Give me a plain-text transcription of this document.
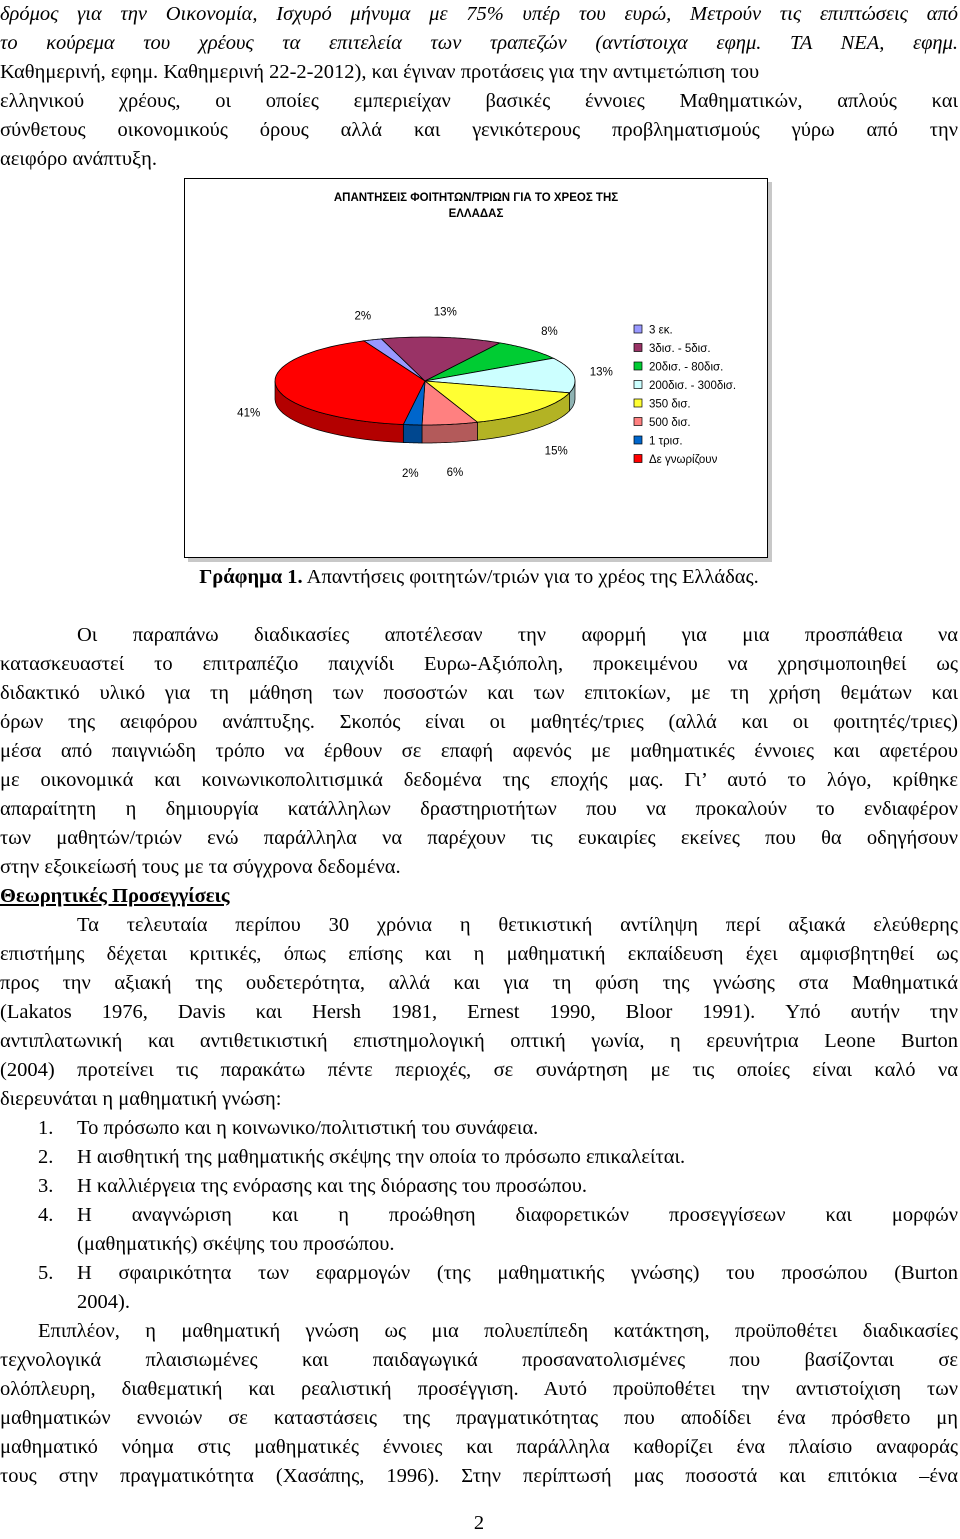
δρόμος για την Οικονομία, Ισχυρό μήνυμα με 75% υπέρ του ευρώ, Μετρούν τις επιπτώσεις από
το κούρεμα του χρέους τα επιτελεία των τραπεζών (αντίστοιχα εφημ. ΤΑ ΝΕΑ, εφημ.
Καθημερινή, εφημ. Καθημερινή 22-2-2012), και έγιναν προτάσεις για την αντιμετώπιση του
ελληνικού χρέους, οι οποίες εμπεριείχαν βασικές έννοιες Μαθηματικών, απλούς και
σύνθετους οικονομικούς όρους αλλά και γενικότερους προβληματισμούς γύρω από την
αειφόρο ανάπτυξη.
ΑΠΑΝΤΗΣΕΙΣ ΦΟΙΤΗΤΩΝ/ΤΡΙΩΝ ΓΙΑ ΤΟ ΧΡΕΟΣ ΤΗΣ
ΕΛΛΑΔΑΣ
2%	13%
8%
13%
15%
6%
2%
41%
3 εκ.
3δισ. - 5δισ.
20δισ. - 80δισ.
200δισ. - 300δισ.
350 δισ.
500 δισ.
1 τρισ.
Δε γνωρίζουν
Γράφημα 1. Απαντήσεις φοιτητών/τριών για το χρέος της Ελλάδας.
Οι παραπάνω διαδικασίες αποτέλεσαν την αφορμή για μια προσπάθεια να
κατασκευαστεί το επιτραπέζιο παιχνίδι Ευρω-Αξιόπολη, προκειμένου να χρησιμοποιηθεί ως
διδακτικό υλικό για τη μάθηση των ποσοστών και των επιτοκίων, με τη χρήση θεμάτων και
όρων της αειφόρου ανάπτυξης. Σκοπός είναι οι μαθητές/τριες (αλλά και οι φοιτητές/τριες)
μέσα από παιγνιώδη τρόπο να έρθουν σε επαφή αφενός με μαθηματικές έννοιες και αφετέρου
με οικονομικά και κοινωνικοπολιτισμικά δεδομένα της εποχής μας. Γι’ αυτό το λόγο, κρίθηκε
απαραίτητη η δημιουργία κατάλληλων δραστηριοτήτων που να προκαλούν το ενδιαφέρον
των μαθητών/τριών ενώ παράλληλα να παρέχουν τις ευκαιρίες εκείνες που θα οδηγήσουν
στην εξοικείωσή τους με τα σύγχρονα δεδομένα.
Θεωρητικές Προσεγγίσεις
Τα τελευταία περίπου 30 χρόνια η θετικιστική αντίληψη περί αξιακά ελεύθερης
επιστήμης δέχεται κριτικές, όπως επίσης και η μαθηματική εκπαίδευση έχει αμφισβητηθεί ως
προς την αξιακή της ουδετερότητα, αλλά και για τη φύση της γνώσης στα Μαθηματικά
(Lakatos 1976, Davis και Hersh 1981, Ernest 1990, Bloor 1991). Υπό αυτήν την
αντιπλατωνική και αντιθετικιστική επιστημολογική οπτική γωνία, η ερευνήτρια Leone Burton
(2004) προτείνει τις παρακάτω πέντε περιοχές, σε συνάρτηση με τις οποίες είναι καλό να
διερευνάται η μαθηματική γνώση:
1. Το πρόσωπο και η κοινωνικο/πολιτιστική του συνάφεια.
2. Η αισθητική της μαθηματικής σκέψης την οποία το πρόσωπο επικαλείται.
3. Η καλλιέργεια της ενόρασης και της διόρασης του προσώπου.
4. Η αναγνώριση και η προώθηση διαφορετικών προσεγγίσεων και μορφών
(μαθηματικής) σκέψης του προσώπου.
5. Η σφαιρικότητα των εφαρμογών (της μαθηματικής γνώσης) του προσώπου (Burton
2004).
Επιπλέον, η μαθηματική γνώση ως μια πολυεπίπεδη κατάκτηση, προϋποθέτει διαδικασίες
τεχνολογικά πλαισιωμένες και παιδαγωγικά προσανατολισμένες που βασίζονται σε
ολόπλευρη, διαθεματική και ρεαλιστική προσέγγιση. Αυτό προϋποθέτει την αντιστοίχιση των
μαθηματικών εννοιών σε καταστάσεις της πραγματικότητας που αποδίδει ένα πρόσθετο μη
μαθηματικό νόημα στις μαθηματικές έννοιες και παράλληλα καθορίζει ένα πλαίσιο αναφοράς
τους στην πραγματικότητα (Χασάπης, 1996). Στην περίπτωσή μας ποσοστά και επιτόκια –ένα
2
